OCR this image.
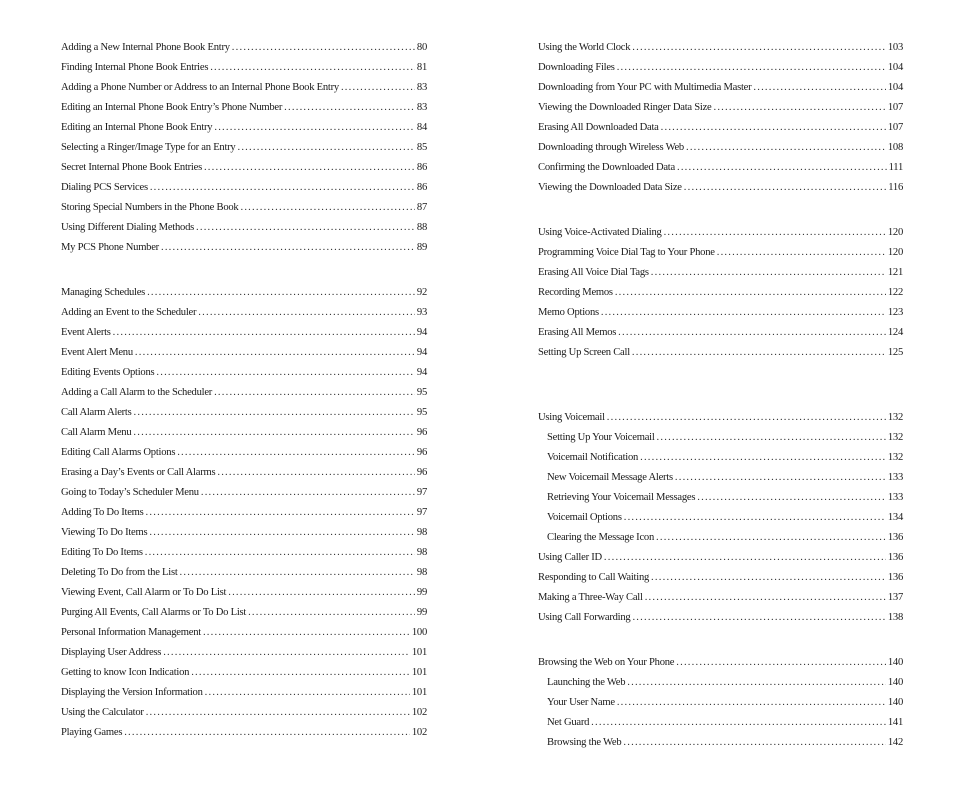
Adding a New Internal Phone Book Entry .....	80
Finding Internal Phone Book Entries .....	81
Adding a Phone Number or Address to an Internal Phone Book Entry .....	83
Editing an Internal Phone Book Entry’s Phone Number .....	83
Editing an Internal Phone Book Entry .....	84
Selecting a Ringer/Image Type for an Entry .....	85
Secret Internal Phone Book Entries .....	86
Dialing PCS Services .....	86
Storing Special Numbers in the Phone Book .....	87
Using Different Dialing Methods .....	88
My PCS Phone Number .....	89
Managing Schedules .....	92
Adding an Event to the Scheduler .....	93
Event Alerts .....	94
Event Alert Menu .....	94
Editing Events Options .....	94
Adding a Call Alarm to the Scheduler .....	95
Call Alarm Alerts .....	95
Call Alarm Menu .....	96
Editing Call Alarms Options .....	96
Erasing a Day’s Events or Call Alarms .....	96
Going to Today’s Scheduler Menu .....	97
Adding To Do Items .....	97
Viewing To Do Items .....	98
Editing To Do Items .....	98
Deleting To Do from the List .....	98
Viewing Event, Call Alarm or To Do List .....	99
Purging All Events, Call Alarms or To Do List .....	99
Personal Information Management .....	100
Displaying User Address .....	101
Getting to know Icon Indication .....	101
Displaying the Version Information .....	101
Using the Calculator .....	102
Playing Games .....	102
Using the World Clock .....	103
Downloading Files .....	104
Downloading from Your PC with Multimedia Master .....	104
Viewing the Downloaded Ringer Data Size .....	107
Erasing All Downloaded Data .....	107
Downloading through Wireless Web .....	108
Confirming the Downloaded Data .....	111
Viewing the Downloaded Data Size .....	116
Using Voice-Activated Dialing .....	120
Programming Voice Dial Tag to Your Phone .....	120
Erasing All Voice Dial Tags .....	121
Recording Memos .....	122
Memo Options .....	123
Erasing All Memos .....	124
Setting Up Screen Call .....	125
Using Voicemail .....	132
Setting Up Your Voicemail .....	132
Voicemail Notification .....	132
New Voicemail Message Alerts .....	133
Retrieving Your Voicemail Messages .....	133
Voicemail Options .....	134
Clearing the Message Icon .....	136
Using Caller ID .....	136
Responding to Call Waiting .....	136
Making a Three-Way Call .....	137
Using Call Forwarding .....	138
Browsing the Web on Your Phone .....	140
Launching the Web .....	140
Your User Name .....	140
Net Guard .....	141
Browsing the Web .....	142
